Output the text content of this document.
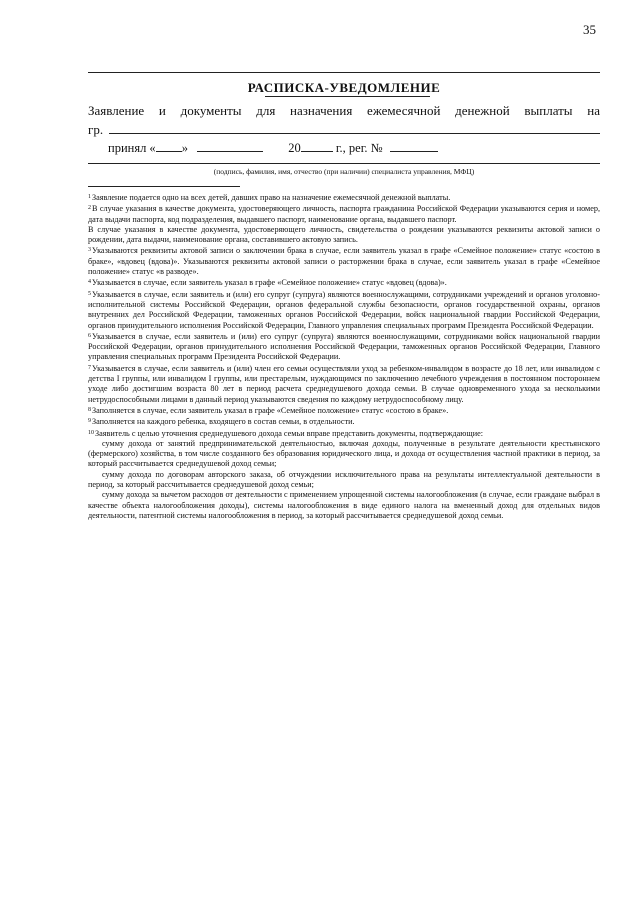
35
РАСПИСКА-УВЕДОМЛЕНИЕ
Заявление и документы для назначения ежемесячной денежной выплаты на
гр.
принял « »	20	г., рег. №
(подпись, фамилия, имя, отчество (при наличии) специалиста управления, МФЦ)

$^1$Заявление подается одно на всех детей, давших право на назначение ежемесячной денежной выплаты.

$^2$В случае указания в качестве документа, удостоверяющего личность, паспорта гражданина Российской Федерации указываются серия и номер, дата выдачи паспорта, код подразделения, выдавшего паспорт, наименование органа, выдавшего паспорт.

В случае указания в качестве документа, удостоверяющего личность, свидетельства о рождении указываются реквизиты актовой записи о рождении, дата выдачи, наименование органа, составившего актовую запись.

$^3$Указываются реквизиты актовой записи о заключении брака в случае, если заявитель указал в графе «Семейное положение» статус «состою в браке», «вдовец (вдова)». Указываются реквизиты актовой записи о расторжении брака в случае, если заявитель указал в графе «Семейное положение» статус «в разводе».

$^4$Указывается в случае, если заявитель указал в графе «Семейное положение» статус «вдовец (вдова)».

$^5$Указывается в случае, если заявитель и (или) его супруг (супруга) являются военнослужащими, сотрудниками учреждений и органов уголовно-исполнительной системы Российской Федерации, органов федеральной службы безопасности, органов государственной охраны, органов внутренних дел Российской Федерации, таможенных органов Российской Федерации, войск национальной гвардии Российской Федерации, органов принудительного исполнения Российской Федерации, Главного управления специальных программ Президента Российской Федерации.

$^6$Указывается в случае, если заявитель и (или) его супруг (супруга) являются военнослужащими, сотрудниками войск национальной гвардии Российской Федерации, органов принудительного исполнения Российской Федерации, таможенных органов Российской Федерации, Главного управления специальных программ Президента Российской Федерации.

$^7$Указывается в случае, если заявитель и (или) член его семьи осуществляли уход за ребенком-инвалидом в возрасте до 18 лет, или инвалидом с детства I группы, или инвалидом I группы, или престарелым, нуждающимся по заключению лечебного учреждения в постоянном постороннем уходе либо достигшим возраста 80 лет в период расчета среднедушевого дохода семьи. В случае одновременного ухода за несколькими нетрудоспособными лицами в данный период указываются сведения по каждому нетрудоспособному лицу.

$^8$Заполняется в случае, если заявитель указал в графе «Семейное положение» статус «состою в браке».

$^9$Заполняется на каждого ребенка, входящего в состав семьи, в отдельности.

$^{10}$Заявитель с целью уточнения среднедушевого дохода семьи вправе представить документы, подтверждающие:

сумму дохода от занятий предпринимательской деятельностью, включая доходы, полученные в результате деятельности крестьянского (фермерского) хозяйства, в том числе созданного без образования юридического лица, и дохода от осуществления частной практики в период, за который рассчитывается среднедушевой доход семьи;

сумму дохода по договорам авторского заказа, об отчуждении исключительного права на результаты интеллектуальной деятельности в период, за который рассчитывается среднедушевой доход семьи;

сумму дохода за вычетом расходов от деятельности с применением упрощенной системы налогообложения (в случае, если граждане выбрал в качестве объекта налогообложения доходы), системы налогообложения в виде единого налога на вмененный доход для отдельных видов деятельности, патентной системы налогообложения в период, за который рассчитывается среднедушевой доход семьи.
